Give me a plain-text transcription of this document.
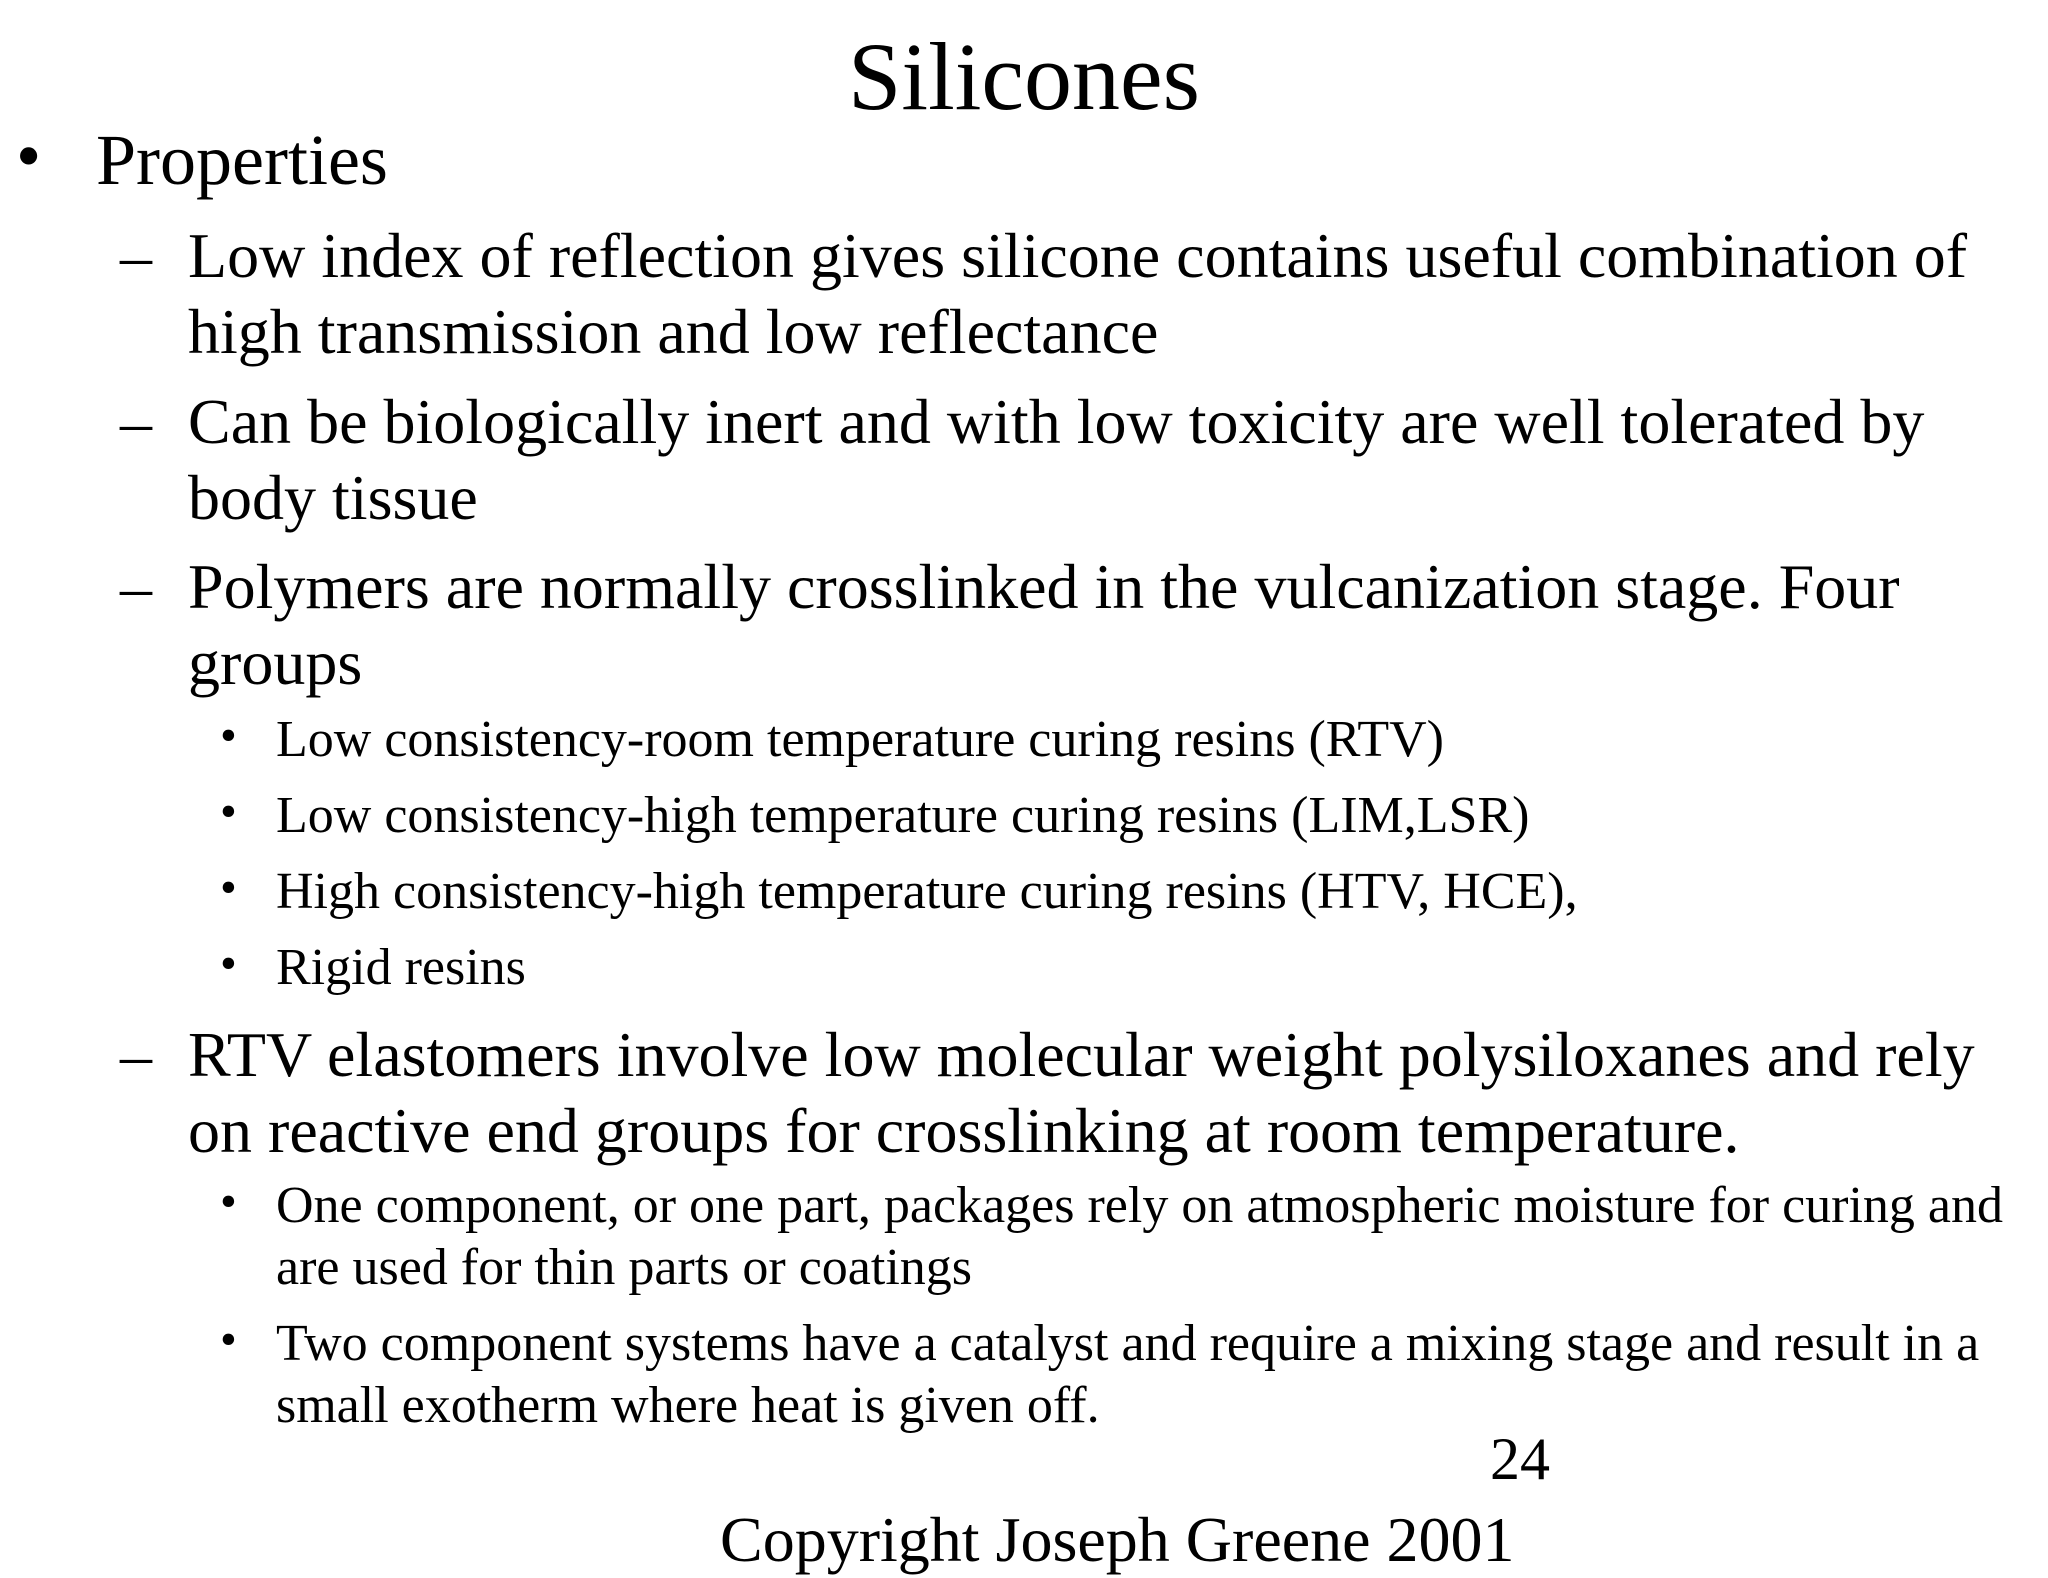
Silicones
• Properties
– Low index of reflection gives silicone contains useful combination of high transmission and low reflectance
– Can be biologically inert and with low toxicity are well tolerated by body tissue
– Polymers are normally crosslinked in the vulcanization stage. Four groups
• Low consistency-room temperature curing resins (RTV)
• Low consistency-high temperature curing resins (LIM,LSR)
• High consistency-high temperature curing resins (HTV, HCE),
• Rigid resins
– RTV elastomers involve low molecular weight polysiloxanes and rely on reactive end groups for crosslinking at room temperature.
• One component, or one part, packages rely on atmospheric moisture for curing and are used for thin parts or coatings
• Two component systems have a catalyst and require a mixing stage and result in a small exotherm where heat is given off.
24
Copyright Joseph Greene 2001
